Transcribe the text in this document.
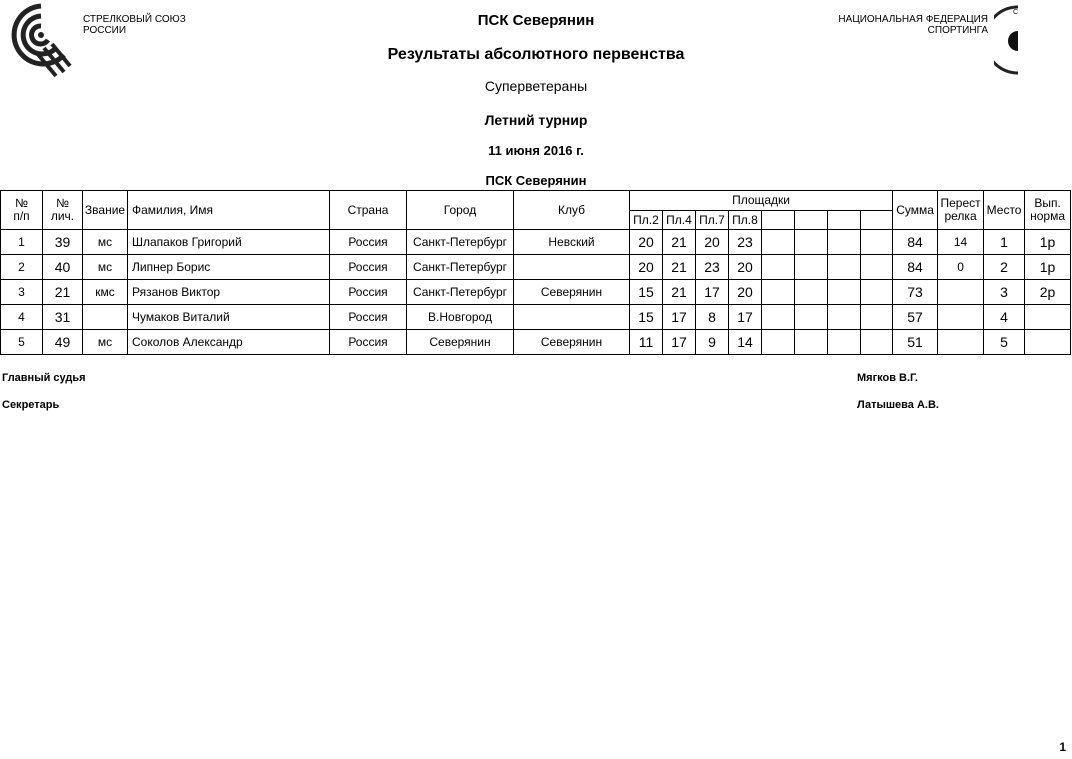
С
СТРЕЛКОВЫЙ СОЮЗ
РОССИИ
НАЦИОНАЛЬНАЯ ФЕДЕРАЦИЯ
СПОРТИНГА
ПСК Северянин
Результаты абсолютного первенства
Суперветераны
Летний турнир
11 июня 2016 г.
ПСК Северянин
№
п/п	№
лич.	Звание	Фамилия, Имя	Страна	Город	Клуб	Площадки								Сумма	Перест
релка	Место	Вып.
норма
							Пл.2	Пл.4	Пл.7	Пл.8								
1	39	мс	Шлапаков Григорий	Россия	Санкт-Петербург	Невский	20	21	20	23					84	14	1	1р
2	40	мс	Липнер Борис	Россия	Санкт-Петербург		20	21	23	20					84	0	2	1р
3	21	кмс	Рязанов Виктор	Россия	Санкт-Петербург	Северянин	15	21	17	20					73		3	2р
4	31		Чумаков Виталий	Россия	В.Новгород		15	17	8	17					57		4	
5	49	мс	Соколов Александр	Россия	Северянин	Северянин	11	17	9	14					51		5	
Главный судья	Мягков В.Г.
Секретарь	Латышева А.В.
1
